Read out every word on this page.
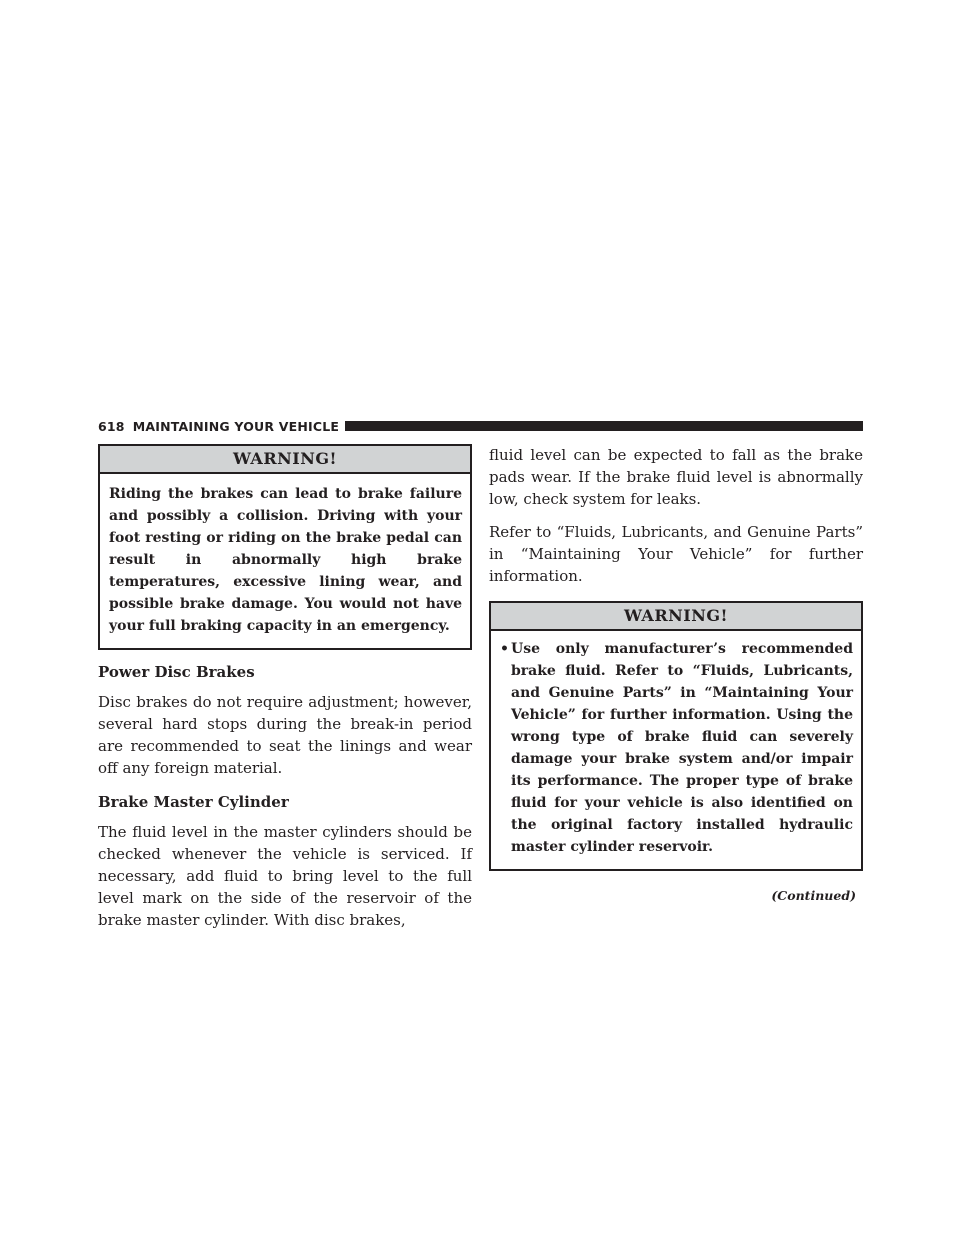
618 MAINTAINING YOUR VEHICLE
WARNING!
Riding the brakes can lead to brake failure and possibly a collision. Driving with your foot resting or riding on the brake pedal can result in abnormally high brake temperatures, excessive lining wear, and possible brake damage. You would not have your full braking capacity in an emergency.
Power Disc Brakes

Disc brakes do not require adjustment; however, several hard stops during the break-in period are recommended to seat the linings and wear off any foreign material.

Brake Master Cylinder

The fluid level in the master cylinders should be checked whenever the vehicle is serviced. If necessary, add fluid to bring level to the full level mark on the side of the reservoir of the brake master cylinder. With disc brakes,

fluid level can be expected to fall as the brake pads wear. If the brake fluid level is abnormally low, check system for leaks.

Refer to “Fluids, Lubricants, and Genuine Parts” in “Maintaining Your Vehicle” for further information.

WARNING!
• Use only manufacturer’s recommended brake fluid. Refer to “Fluids, Lubricants, and Genuine Parts” in “Maintaining Your Vehicle” for further information. Using the wrong type of brake fluid can severely damage your brake system and/or impair its performance. The proper type of brake fluid for your vehicle is also identified on the original factory installed hydraulic master cylinder reservoir.
(Continued)
